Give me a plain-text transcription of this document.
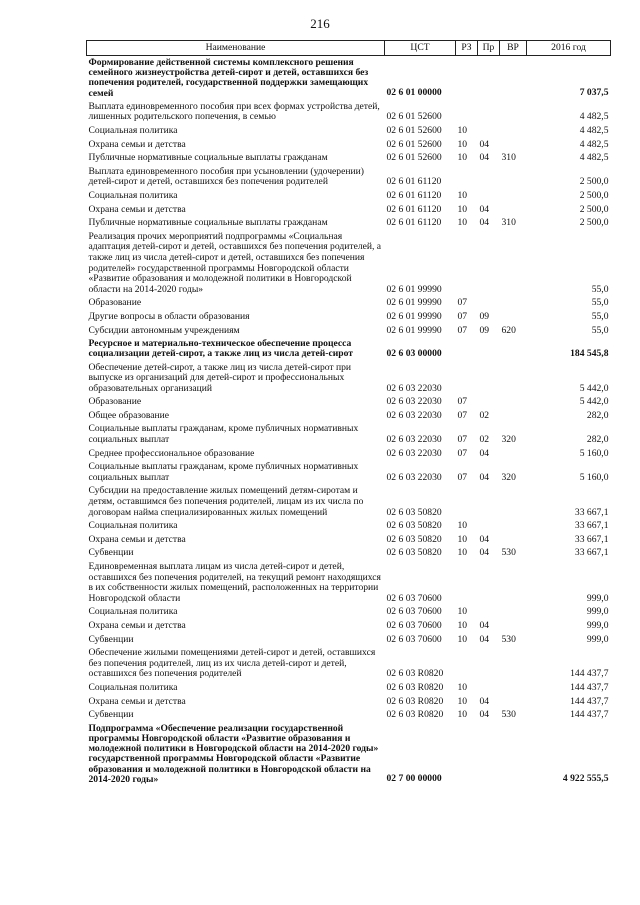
216
Наименование	ЦСТ	РЗ	Пр	ВР	2016 год
Формирование действенной системы комплексного решения семейного жизнеустройства детей-сирот и детей, оставшихся без попечения родителей, государственной поддержки замещающих семей	02 6 01 00000				7 037,5
Выплата единовременного пособия при всех формах устройства детей, лишенных родительского попечения, в семью	02 6 01 52600				4 482,5
Социальная политика	02 6 01 52600	10			4 482,5
Охрана семьи и детства	02 6 01 52600	10	04		4 482,5
Публичные нормативные социальные выплаты гражданам	02 6 01 52600	10	04	310	4 482,5
Выплата единовременного пособия при усыновлении (удочерении) детей-сирот и детей, оставшихся без попечения родителей	02 6 01 61120				2 500,0
Социальная политика	02 6 01 61120	10			2 500,0
Охрана семьи и детства	02 6 01 61120	10	04		2 500,0
Публичные нормативные социальные выплаты гражданам	02 6 01 61120	10	04	310	2 500,0
Реализация прочих мероприятий подпрограммы «Социальная адаптация детей-сирот и детей, оставшихся без попечения родителей, а также лиц из числа детей-сирот и детей, оставшихся без попечения родителей» государственной программы Новгородской области «Развитие образования и молодежной политики в Новгородской области на 2014-2020 годы»	02 6 01 99990				55,0
Образование	02 6 01 99990	07			55,0
Другие вопросы в области образования	02 6 01 99990	07	09		55,0
Субсидии автономным учреждениям	02 6 01 99990	07	09	620	55,0
Ресурсное и материально-техническое обеспечение процесса социализации детей-сирот, а также лиц из числа детей-сирот	02 6 03 00000				184 545,8
Обеспечение детей-сирот, а также лиц из числа детей-сирот при выпуске из организаций для детей-сирот и профессиональных образовательных организаций	02 6 03 22030				5 442,0
Образование	02 6 03 22030	07			5 442,0
Общее образование	02 6 03 22030	07	02		282,0
Социальные выплаты гражданам, кроме публичных нормативных социальных выплат	02 6 03 22030	07	02	320	282,0
Среднее профессиональное образование	02 6 03 22030	07	04		5 160,0
Социальные выплаты гражданам, кроме публичных нормативных социальных выплат	02 6 03 22030	07	04	320	5 160,0
Субсидии на предоставление жилых помещений детям-сиротам и детям, оставшимся без попечения родителей, лицам из их числа по договорам найма специализированных жилых помещений	02 6 03 50820				33 667,1
Социальная политика	02 6 03 50820	10			33 667,1
Охрана семьи и детства	02 6 03 50820	10	04		33 667,1
Субвенции	02 6 03 50820	10	04	530	33 667,1
Единовременная выплата лицам из числа детей-сирот и детей, оставшихся без попечения родителей, на текущий ремонт находящихся в их собственности жилых помещений, расположенных на территории Новгородской области	02 6 03 70600				999,0
Социальная политика	02 6 03 70600	10			999,0
Охрана семьи и детства	02 6 03 70600	10	04		999,0
Субвенции	02 6 03 70600	10	04	530	999,0
Обеспечение жилыми помещениями детей-сирот и детей, оставшихся без попечения родителей, лиц из их числа детей-сирот и детей, оставшихся без попечения родителей	02 6 03 R0820				144 437,7
Социальная политика	02 6 03 R0820	10			144 437,7
Охрана семьи и детства	02 6 03 R0820	10	04		144 437,7
Субвенции	02 6 03 R0820	10	04	530	144 437,7
Подпрограмма «Обеспечение реализации государственной программы Новгородской области «Развитие образования и молодежной политики в Новгородской области на 2014-2020 годы» государственной программы Новгородской области «Развитие образования и молодежной политики в Новгородской области на 2014-2020 годы»	02 7 00 00000				4 922 555,5
